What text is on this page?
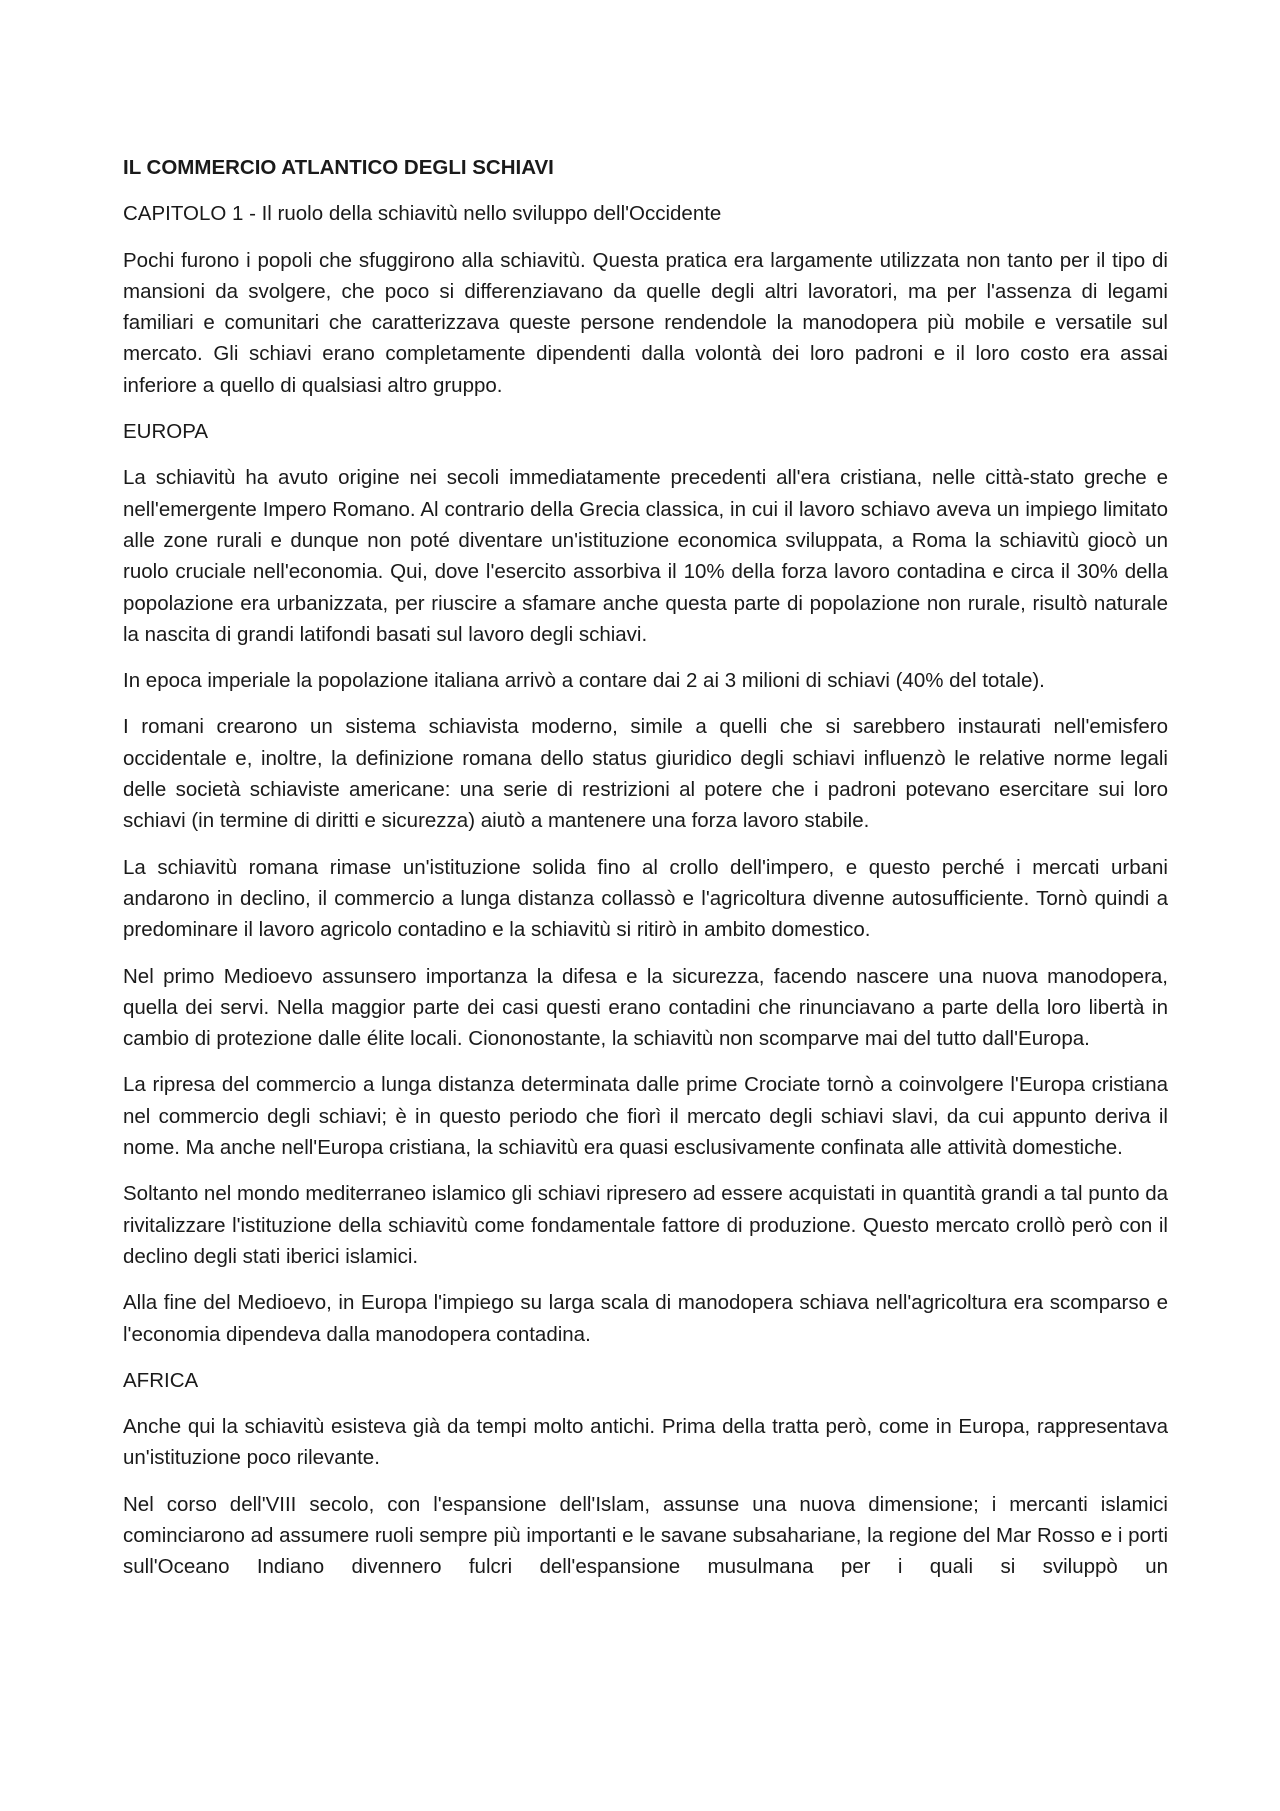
IL COMMERCIO ATLANTICO DEGLI SCHIAVI

CAPITOLO 1 - Il ruolo della schiavitù nello sviluppo dell'Occidente

Pochi furono i popoli che sfuggirono alla schiavitù. Questa pratica era largamente utilizzata non tanto per il tipo di mansioni da svolgere, che poco si differenziavano da quelle degli altri lavoratori, ma per l'assenza di legami familiari e comunitari che caratterizzava queste persone rendendole la manodopera più mobile e versatile sul mercato. Gli schiavi erano completamente dipendenti dalla volontà dei loro padroni e il loro costo era assai inferiore a quello di qualsiasi altro gruppo.

EUROPA

La schiavitù ha avuto origine nei secoli immediatamente precedenti all'era cristiana, nelle città-stato greche e nell'emergente Impero Romano. Al contrario della Grecia classica, in cui il lavoro schiavo aveva un impiego limitato alle zone rurali e dunque non poté diventare un'istituzione economica sviluppata, a Roma la schiavitù giocò un ruolo cruciale nell'economia. Qui, dove l'esercito assorbiva il 10% della forza lavoro contadina e circa il 30% della popolazione era urbanizzata, per riuscire a sfamare anche questa parte di popolazione non rurale, risultò naturale la nascita di grandi latifondi basati sul lavoro degli schiavi.

In epoca imperiale la popolazione italiana arrivò a contare dai 2 ai 3 milioni di schiavi (40% del totale).

I romani crearono un sistema schiavista moderno, simile a quelli che si sarebbero instaurati nell'emisfero occidentale e, inoltre, la definizione romana dello status giuridico degli schiavi influenzò le relative norme legali delle società schiaviste americane: una serie di restrizioni al potere che i padroni potevano esercitare sui loro schiavi (in termine di diritti e sicurezza) aiutò a mantenere una forza lavoro stabile.

La schiavitù romana rimase un'istituzione solida fino al crollo dell'impero, e questo perché i mercati urbani andarono in declino, il commercio a lunga distanza collassò e l'agricoltura divenne autosufficiente. Tornò quindi a predominare il lavoro agricolo contadino e la schiavitù si ritirò in ambito domestico.

Nel primo Medioevo assunsero importanza la difesa e la sicurezza, facendo nascere una nuova manodopera, quella dei servi. Nella maggior parte dei casi questi erano contadini che rinunciavano a parte della loro libertà in cambio di protezione dalle élite locali. Ciononostante, la schiavitù non scomparve mai del tutto dall'Europa.

La ripresa del commercio a lunga distanza determinata dalle prime Crociate tornò a coinvolgere l'Europa cristiana nel commercio degli schiavi; è in questo periodo che fiorì il mercato degli schiavi slavi, da cui appunto deriva il nome. Ma anche nell'Europa cristiana, la schiavitù era quasi esclusivamente confinata alle attività domestiche.

Soltanto nel mondo mediterraneo islamico gli schiavi ripresero ad essere acquistati in quantità grandi a tal punto da rivitalizzare l'istituzione della schiavitù come fondamentale fattore di produzione. Questo mercato crollò però con il declino degli stati iberici islamici.

Alla fine del Medioevo, in Europa l'impiego su larga scala di manodopera schiava nell'agricoltura era scomparso e l'economia dipendeva dalla manodopera contadina.

AFRICA

Anche qui la schiavitù esisteva già da tempi molto antichi. Prima della tratta però, come in Europa, rappresentava un'istituzione poco rilevante.

Nel corso dell'VIII secolo, con l'espansione dell'Islam, assunse una nuova dimensione; i mercanti islamici cominciarono ad assumere ruoli sempre più importanti e le savane subsahariane, la regione del Mar Rosso e i porti sull'Oceano Indiano divennero fulcri dell'espansione musulmana per i quali si sviluppò un
